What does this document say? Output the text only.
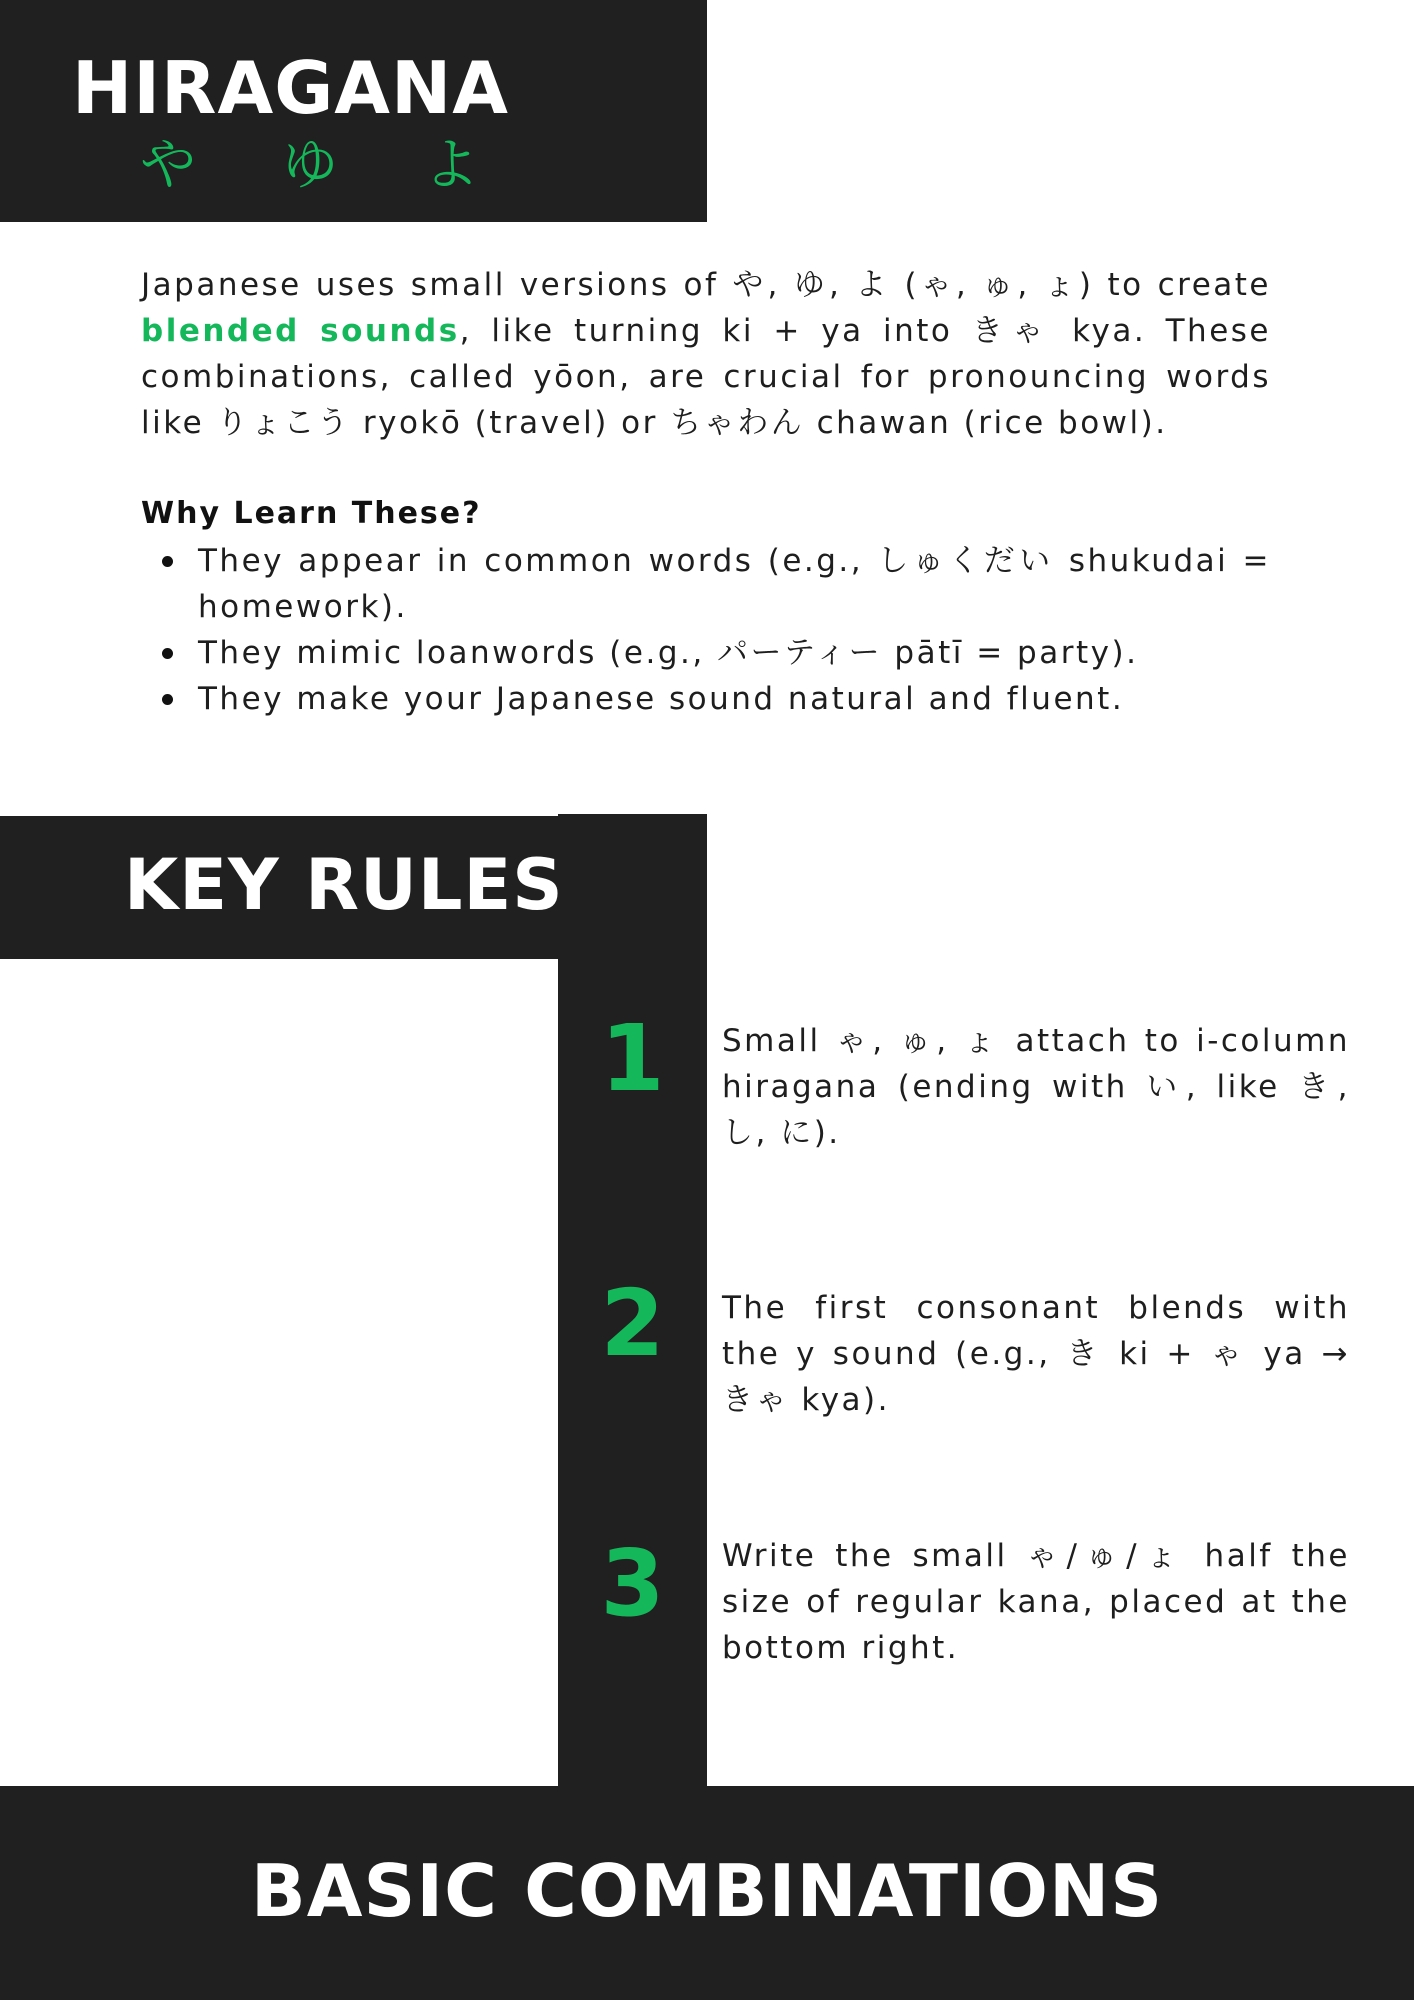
HIRAGANA
や ゆ よ

Japanese uses small versions of や, ゆ, よ (ゃ, ゅ, ょ) to create blended sounds, like turning ki + ya into きゃ kya. These combinations, called yōon, are crucial for pronouncing words like りょこう ryokō (travel) or ちゃわん chawan (rice bowl).

Why Learn These?
They appear in common words (e.g., しゅくだい shukudai = homework).
They mimic loanwords (e.g., パーティー pātī = party).
They make your Japanese sound natural and fluent.
KEY RULES
1	Small ゃ, ゅ, ょ attach to i-column hiragana (ending with い, like き, し, に).

2	The first consonant blends with the y sound (e.g., き ki + ゃ ya → きゃ kya).

3	Write the small ゃ/ゅ/ょ half the size of regular kana, placed at the bottom right.

BASIC COMBINATIONS
